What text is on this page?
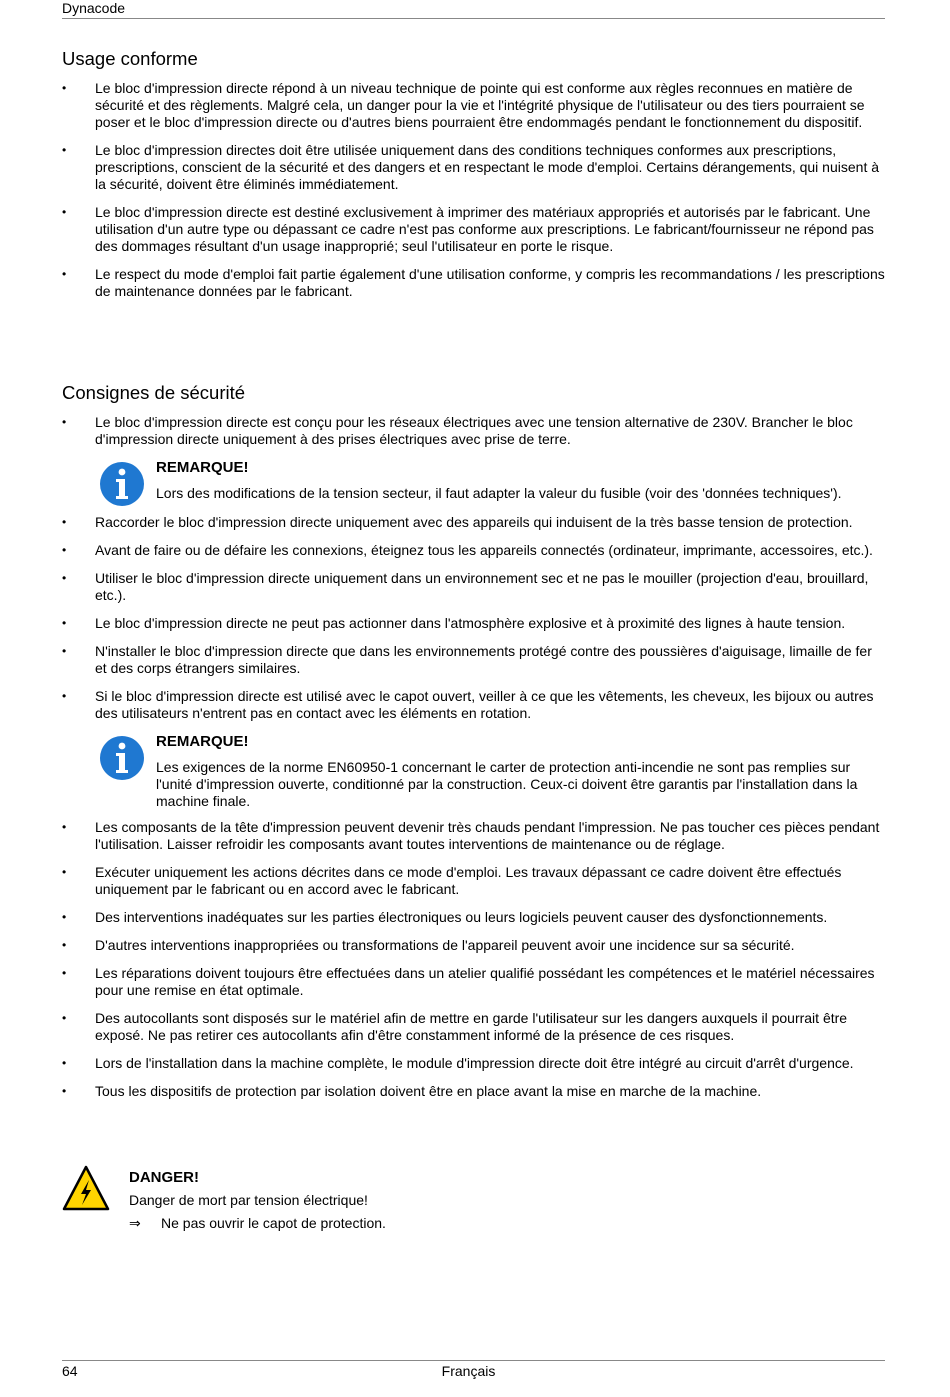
Dynacode
Usage conforme
• Le bloc d'impression directe répond à un niveau technique de pointe qui est conforme aux règles reconnues en matière de sécurité et des règlements. Malgré cela, un danger pour la vie et l'intégrité physique de l'utilisateur ou des tiers pourraient se poser et le bloc d'impression directe ou d'autres biens pourraient être endommagés pendant le fonctionnement du dispositif.
• Le bloc d'impression directes doit être utilisée uniquement dans des conditions techniques conformes aux prescriptions, prescriptions, conscient de la sécurité et des dangers et en respectant le mode d'emploi. Certains dérangements, qui nuisent à la sécurité, doivent être éliminés immédiatement.
• Le bloc d'impression directe est destiné exclusivement à imprimer des matériaux appropriés et autorisés par le fabricant. Une utilisation d'un autre type ou dépassant ce cadre n'est pas conforme aux prescriptions. Le fabricant/fournisseur ne répond pas des dommages résultant d'un usage inapproprié; seul l'utilisateur en porte le risque.
• Le respect du mode d'emploi fait partie également d'une utilisation conforme, y compris les recommandations / les prescriptions de maintenance données par le fabricant.
Consignes de sécurité
• Le bloc d'impression directe est conçu pour les réseaux électriques avec une tension alternative de 230V. Brancher le bloc d'impression directe uniquement à des prises électriques avec prise de terre.
REMARQUE!
Lors des modifications de la tension secteur, il faut adapter la valeur du fusible (voir des 'données techniques').
• Raccorder le bloc d'impression directe uniquement avec des appareils qui induisent de la très basse tension de protection.
• Avant de faire ou de défaire les connexions, éteignez tous les appareils connectés (ordinateur, imprimante, accessoires, etc.).
• Utiliser le bloc d'impression directe uniquement dans un environnement sec et ne pas le mouiller (projection d'eau, brouillard, etc.).
• Le bloc d'impression directe ne peut pas actionner dans l'atmosphère explosive et à proximité des lignes à haute tension.
• N'installer le bloc d'impression directe que dans les environnements protégé contre des poussières d'aiguisage, limaille de fer et des corps étrangers similaires.
• Si le bloc d'impression directe est utilisé avec le capot ouvert, veiller à ce que les vêtements, les cheveux, les bijoux ou autres des utilisateurs n'entrent pas en contact avec les éléments en rotation.
REMARQUE!
Les exigences de la norme EN60950-1 concernant le carter de protection anti-incendie ne sont pas remplies sur l'unité d'impression ouverte, conditionné par la construction. Ceux-ci doivent être garantis par l'installation dans la machine finale.
• Les composants de la tête d'impression peuvent devenir très chauds pendant l'impression. Ne pas toucher ces pièces pendant l'utilisation. Laisser refroidir les composants avant toutes interventions de maintenance ou de réglage.
• Exécuter uniquement les actions décrites dans ce mode d'emploi. Les travaux dépassant ce cadre doivent être effectués uniquement par le fabricant ou en accord avec le fabricant.
• Des interventions inadéquates sur les parties électroniques ou leurs logiciels peuvent causer des dysfonctionnements.
• D'autres interventions inappropriées ou transformations de l'appareil peuvent avoir une incidence sur sa sécurité.
• Les réparations doivent toujours être effectuées dans un atelier qualifié possédant les compétences et le matériel nécessaires pour une remise en état optimale.
• Des autocollants sont disposés sur le matériel afin de mettre en garde l'utilisateur sur les dangers auxquels il pourrait être exposé. Ne pas retirer ces autocollants afin d'être constamment informé de la présence de ces risques.
• Lors de l'installation dans la machine complète, le module d'impression directe doit être intégré au circuit d'arrêt d'urgence.
• Tous les dispositifs de protection par isolation doivent être en place avant la mise en marche de la machine.
DANGER!
Danger de mort par tension électrique!
⇒ Ne pas ouvrir le capot de protection.
64	Français
